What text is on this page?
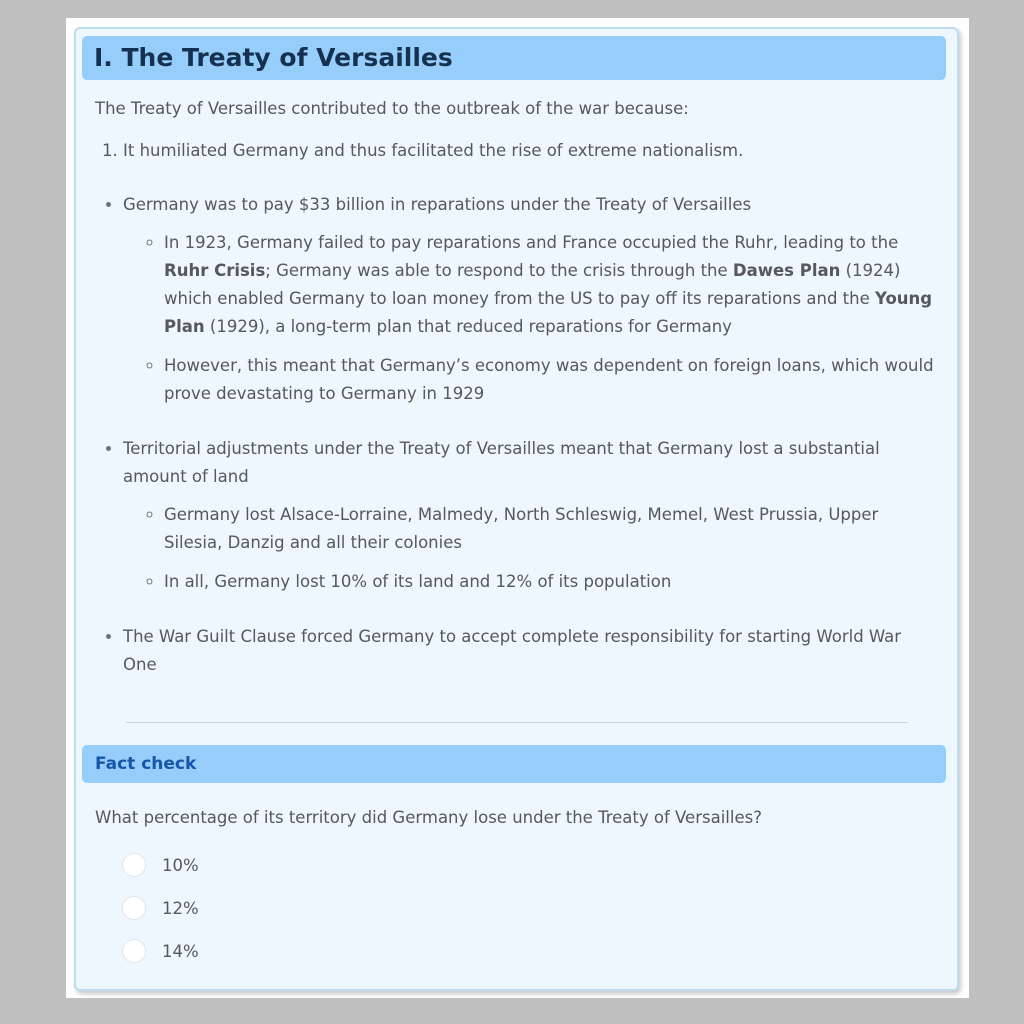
I. The Treaty of Versailles

The Treaty of Versailles contributed to the outbreak of the war because:

1. It humiliated Germany and thus facilitated the rise of extreme nationalism.
• Germany was to pay $33 billion in reparations under the Treaty of Versailles
◦ In 1923, Germany failed to pay reparations and France occupied the Ruhr, leading to the Ruhr Crisis; Germany was able to respond to the crisis through the Dawes Plan (1924) which enabled Germany to loan money from the US to pay off its reparations and the Young Plan (1929), a long-term plan that reduced reparations for Germany
◦ However, this meant that Germany’s economy was dependent on foreign loans, which would prove devastating to Germany in 1929
• Territorial adjustments under the Treaty of Versailles meant that Germany lost a substantial amount of land
◦ Germany lost Alsace-Lorraine, Malmedy, North Schleswig, Memel, West Prussia, Upper Silesia, Danzig and all their colonies
◦ In all, Germany lost 10% of its land and 12% of its population
• The War Guilt Clause forced Germany to accept complete responsibility for starting World War One
Fact check

What percentage of its territory did Germany lose under the Treaty of Versailles?

10%
12%
14%
